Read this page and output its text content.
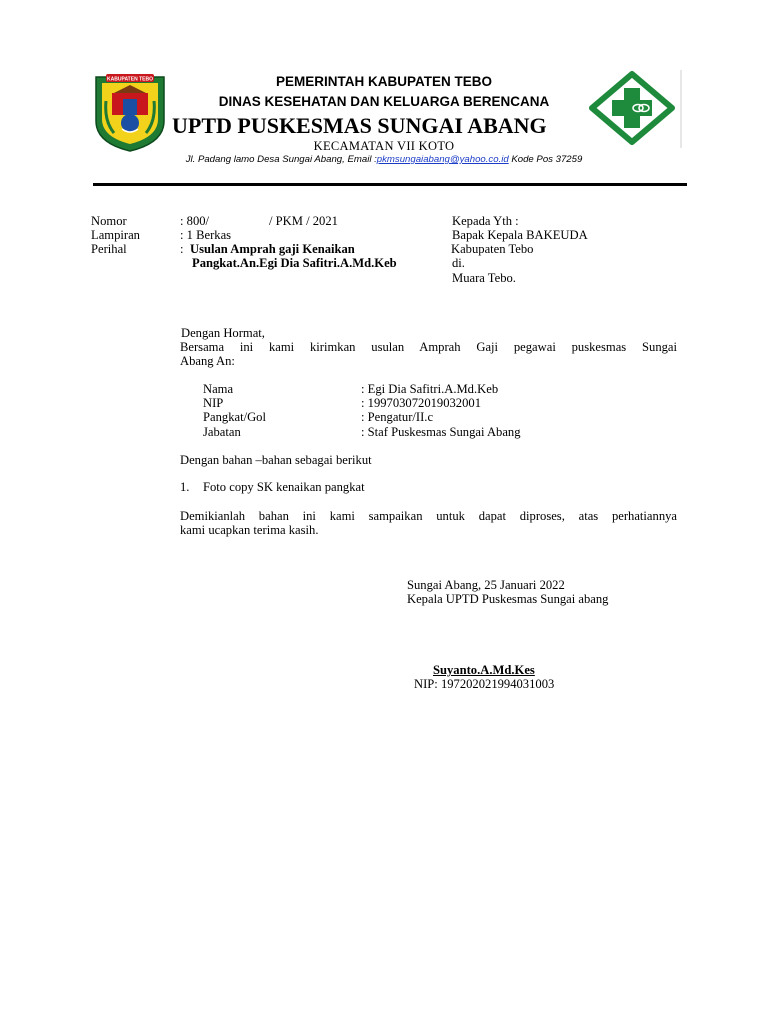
KABUPATEN TEBO	PEMERINTAH KABUPATEN TEBO
DINAS KESEHATAN DAN KELUARGA BERENCANA
UPTD PUSKESMAS SUNGAI ABANG
KECAMATAN VII KOTO
Jl. Padang lamo Desa Sungai Abang, Email :pkmsungaiabang@yahoo.co.id Kode Pos 37259
Nomor	: 800/	/ PKM / 2021
Lampiran	: 1 Berkas
Perihal	: Usulan Amprah gaji Kenaikan
Pangkat.An.Egi Dia Safitri.A.Md.Keb
Kepada Yth :
Bapak Kepala BAKEUDA
Kabupaten Tebo
di.
Muara Tebo.
Dengan Hormat,
Bersama ini kami kirimkan usulan Amprah Gaji pegawai puskesmas Sungai
Abang An:
Nama	: Egi Dia Safitri.A.Md.Keb
NIP	: 199703072019032001
Pangkat/Gol	: Pengatur/II.c
Jabatan	: Staf Puskesmas Sungai Abang
Dengan bahan –bahan sebagai berikut
1. Foto copy SK kenaikan pangkat
Demikianlah bahan ini kami sampaikan untuk dapat diproses, atas perhatiannya
kami ucapkan terima kasih.
Sungai Abang, 25 Januari 2022
Kepala UPTD Puskesmas Sungai abang
Suyanto.A.Md.Kes
NIP: 197202021994031003
